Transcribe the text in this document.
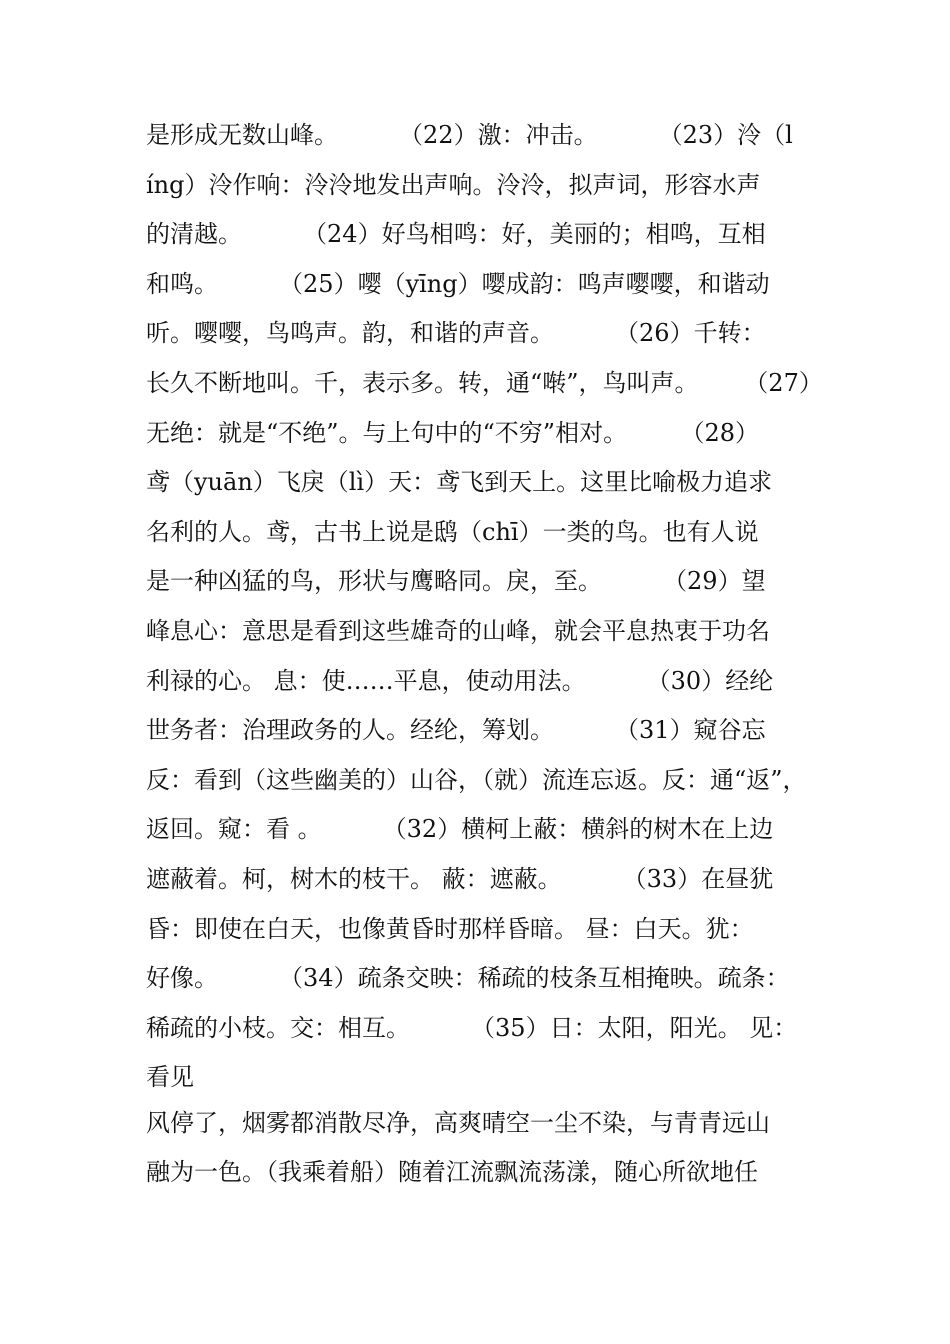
是形成无数山峰。        （22）激：冲击。        （23）泠（l
íng）泠作响：泠泠地发出声响。泠泠，拟声词，形容水声
的清越。        （24）好鸟相鸣：好，美丽的；相鸣，互相
和鸣。        （25）嘤（yīng）嘤成韵：鸣声嘤嘤，和谐动
听。嘤嘤，鸟鸣声。韵，和谐的声音。        （26）千转：
长久不断地叫。千，表示多。转，通“啭”，鸟叫声。      （27）
无绝：就是“不绝”。与上句中的“不穷”相对。       （28）
鸢（yuān）飞戾（lì）天：鸢飞到天上。这里比喻极力追求
名利的人。鸢，古书上说是鸱（chī）一类的鸟。也有人说
是一种凶猛的鸟，形状与鹰略同。戾，至。        （29）望
峰息心：意思是看到这些雄奇的山峰，就会平息热衷于功名
利禄的心。 息：使……平息，使动用法。        （30）经纶
世务者：治理政务的人。经纶，筹划。        （31）窥谷忘
反：看到（这些幽美的）山谷，（就）流连忘返。反：通“返”，
返回。窥：看 。        （32）横柯上蔽：横斜的树木在上边
遮蔽着。柯，树木的枝干。 蔽：遮蔽。        （33）在昼犹
昏：即使在白天，也像黄昏时那样昏暗。 昼：白天。犹：
好像。        （34）疏条交映：稀疏的枝条互相掩映。疏条：
稀疏的小枝。交：相互。        （35）日：太阳，阳光。 见：
看见
风停了，烟雾都消散尽净，高爽晴空一尘不染，与青青远山
融为一色。（我乘着船）随着江流飘流荡漾，随心所欲地任
